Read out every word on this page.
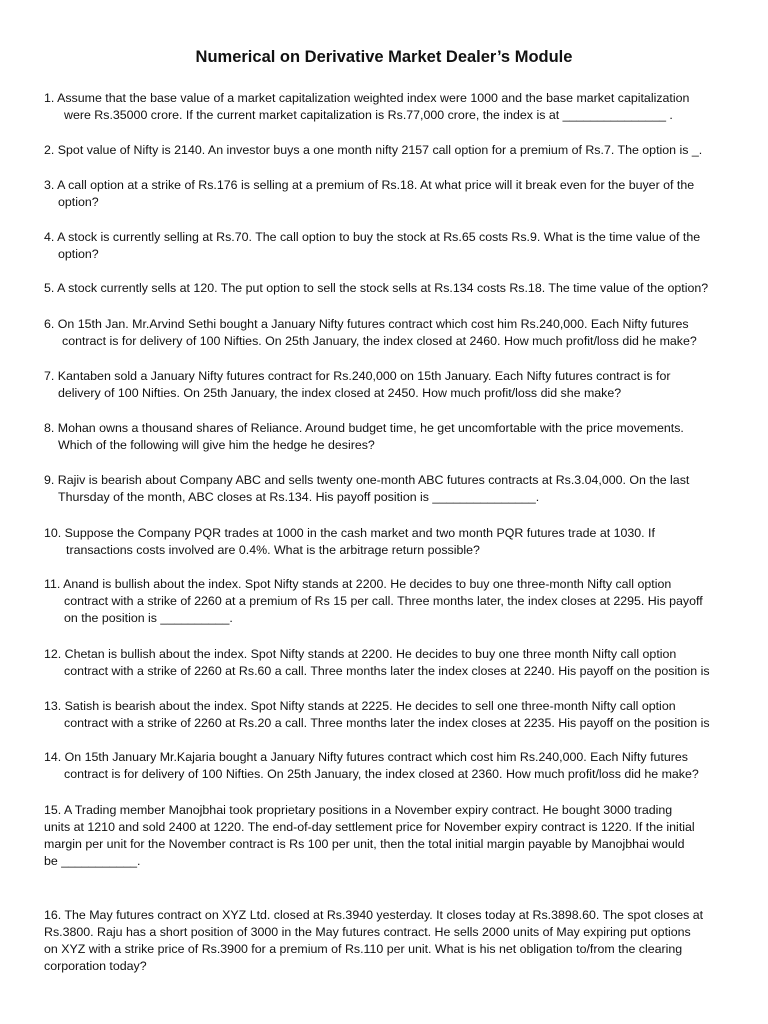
Numerical on Derivative Market Dealer’s Module
1. Assume that the base value of a market capitalization weighted index were 1000 and the base market capitalization
were Rs.35000 crore. If the current market capitalization is Rs.77,000 crore, the index is at _______________ .
2. Spot value of Nifty is 2140. An investor buys a one month nifty 2157 call option for a premium of Rs.7. The option is _.
3. A call option at a strike of Rs.176 is selling at a premium of Rs.18. At what price will it break even for the buyer of the
option?
4. A stock is currently selling at Rs.70. The call option to buy the stock at Rs.65 costs Rs.9. What is the time value of the
option?
5. A stock currently sells at 120. The put option to sell the stock sells at Rs.134 costs Rs.18. The time value of the option?
6. On 15th Jan. Mr.Arvind Sethi bought a January Nifty futures contract which cost him Rs.240,000. Each Nifty futures
contract is for delivery of 100 Nifties. On 25th January, the index closed at 2460. How much profit/loss did he make?
7. Kantaben sold a January Nifty futures contract for Rs.240,000 on 15th January. Each Nifty futures contract is for
delivery of 100 Nifties. On 25th January, the index closed at 2450. How much profit/loss did she make?
8. Mohan owns a thousand shares of Reliance. Around budget time, he get uncomfortable with the price movements.
Which of the following will give him the hedge he desires?
9. Rajiv is bearish about Company ABC and sells twenty one-month ABC futures contracts at Rs.3.04,000. On the last
Thursday of the month, ABC closes at Rs.134. His payoff position is _______________.
10. Suppose the Company PQR trades at 1000 in the cash market and two month PQR futures trade at 1030. If
transactions costs involved are 0.4%. What is the arbitrage return possible?
11. Anand is bullish about the index. Spot Nifty stands at 2200. He decides to buy one three-month Nifty call option
contract with a strike of 2260 at a premium of Rs 15 per call. Three months later, the index closes at 2295. His payoff
on the position is __________.
12. Chetan is bullish about the index. Spot Nifty stands at 2200. He decides to buy one three month Nifty call option
contract with a strike of 2260 at Rs.60 a call. Three months later the index closes at 2240. His payoff on the position is
13. Satish is bearish about the index. Spot Nifty stands at 2225. He decides to sell one three-month Nifty call option
contract with a strike of 2260 at Rs.20 a call. Three months later the index closes at 2235. His payoff on the position is
14. On 15th January Mr.Kajaria bought a January Nifty futures contract which cost him Rs.240,000. Each Nifty futures
contract is for delivery of 100 Nifties. On 25th January, the index closed at 2360. How much profit/loss did he make?
15. A Trading member Manojbhai took proprietary positions in a November expiry contract. He bought 3000 trading
units at 1210 and sold 2400 at 1220. The end-of-day settlement price for November expiry contract is 1220. If the initial
margin per unit for the November contract is Rs 100 per unit, then the total initial margin payable by Manojbhai would
be ___________.
16. The May futures contract on XYZ Ltd. closed at Rs.3940 yesterday. It closes today at Rs.3898.60. The spot closes at
Rs.3800. Raju has a short position of 3000 in the May futures contract. He sells 2000 units of May expiring put options
on XYZ with a strike price of Rs.3900 for a premium of Rs.110 per unit. What is his net obligation to/from the clearing
corporation today?
